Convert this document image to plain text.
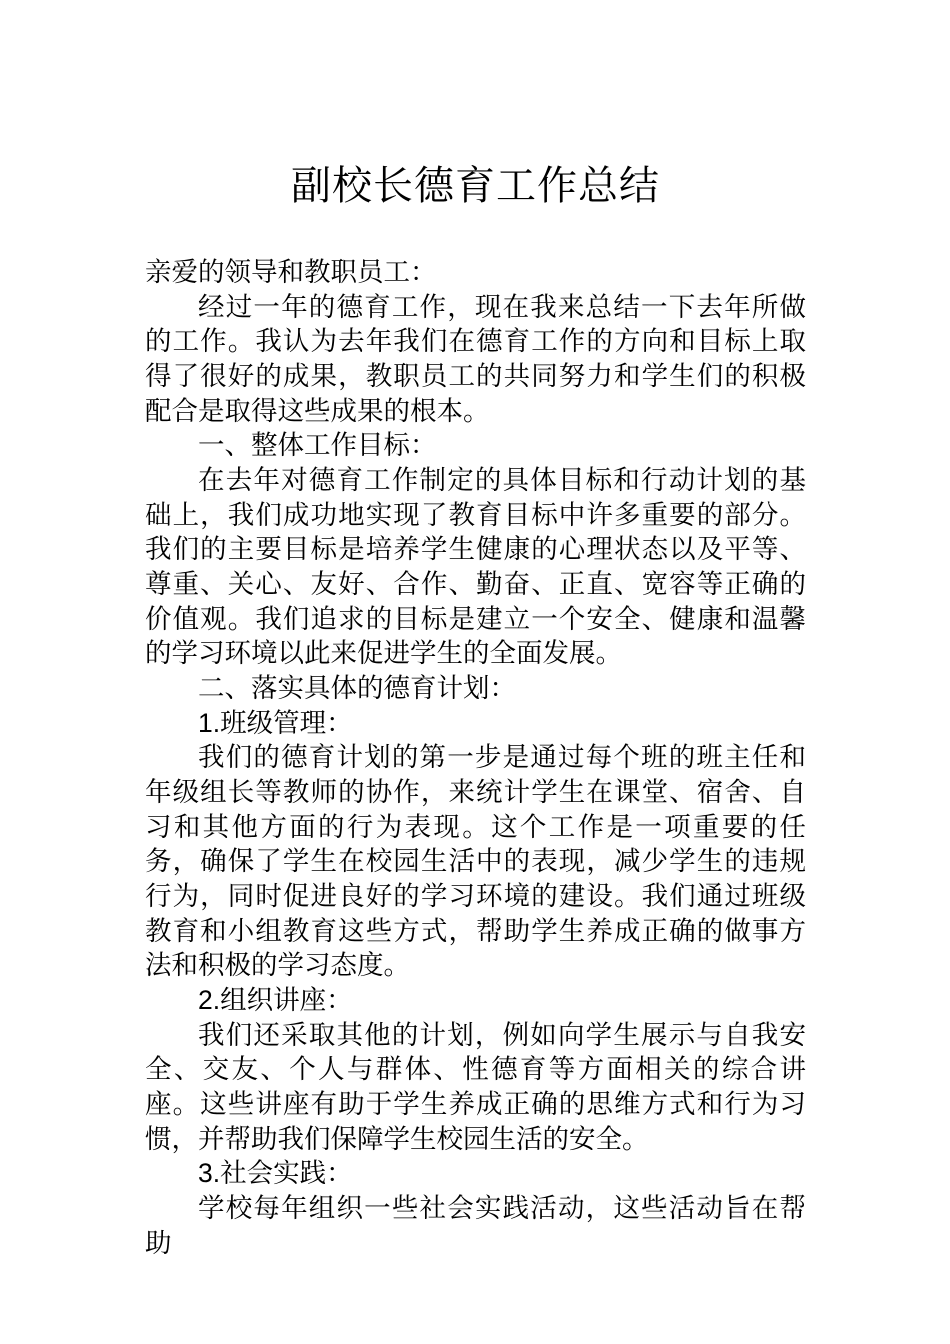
副校长德育工作总结

亲爱的领导和教职员工：

经过一年的德育工作，现在我来总结一下去年所做的工作。我认为去年我们在德育工作的方向和目标上取得了很好的成果，教职员工的共同努力和学生们的积极配合是取得这些成果的根本。

一、整体工作目标：

在去年对德育工作制定的具体目标和行动计划的基础上，我们成功地实现了教育目标中许多重要的部分。我们的主要目标是培养学生健康的心理状态以及平等、尊重、关心、友好、合作、勤奋、正直、宽容等正确的价值观。我们追求的目标是建立一个安全、健康和温馨的学习环境以此来促进学生的全面发展。

二、落实具体的德育计划：

1.班级管理：

我们的德育计划的第一步是通过每个班的班主任和年级组长等教师的协作，来统计学生在课堂、宿舍、自习和其他方面的行为表现。这个工作是一项重要的任务，确保了学生在校园生活中的表现，减少学生的违规行为，同时促进良好的学习环境的建设。我们通过班级教育和小组教育这些方式，帮助学生养成正确的做事方法和积极的学习态度。

2.组织讲座：

我们还采取其他的计划，例如向学生展示与自我安全、交友、个人与群体、性德育等方面相关的综合讲座。这些讲座有助于学生养成正确的思维方式和行为习惯，并帮助我们保障学生校园生活的安全。

3.社会实践：

学校每年组织一些社会实践活动，这些活动旨在帮助
